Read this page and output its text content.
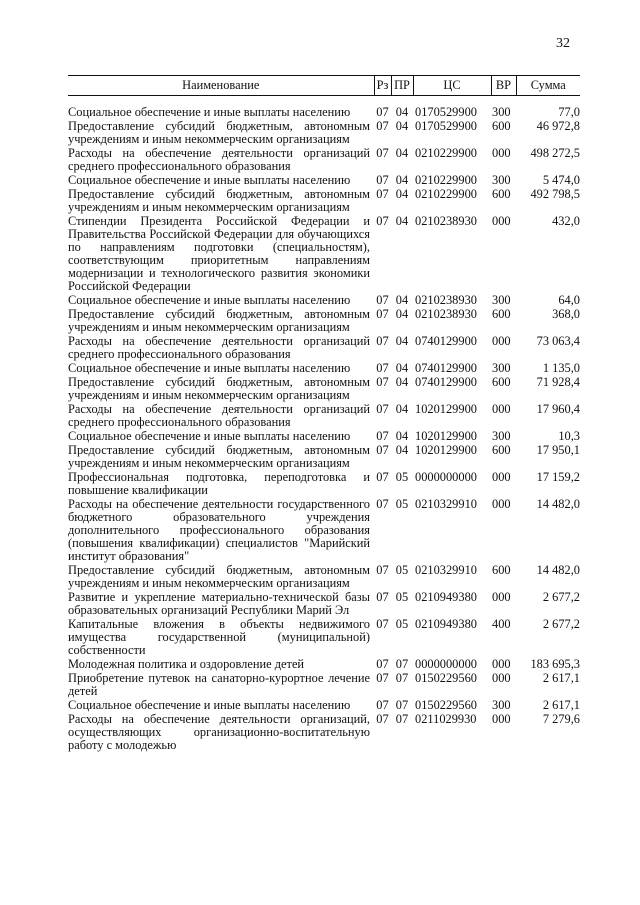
32
Наименование	Рз	ПР	ЦС	ВР	Сумма
Социальное обеспечение и иные выплаты населению	07	04	0170529900	300	77,0
Предоставление субсидий бюджетным, автономным учреждениям и иным некоммерческим организациям	07	04	0170529900	600	46 972,8
Расходы на обеспечение деятельности организаций среднего профессионального образования	07	04	0210229900	000	498 272,5
Социальное обеспечение и иные выплаты населению	07	04	0210229900	300	5 474,0
Предоставление субсидий бюджетным, автономным учреждениям и иным некоммерческим организациям	07	04	0210229900	600	492 798,5
Стипендии Президента Российской Федерации и Правительства Российской Федерации для обучающихся по направлениям подготовки (специальностям), соответствующим приоритетным направлениям модернизации и технологического развития экономики Российской Федерации	07	04	0210238930	000	432,0
Социальное обеспечение и иные выплаты населению	07	04	0210238930	300	64,0
Предоставление субсидий бюджетным, автономным учреждениям и иным некоммерческим организациям	07	04	0210238930	600	368,0
Расходы на обеспечение деятельности организаций среднего профессионального образования	07	04	0740129900	000	73 063,4
Социальное обеспечение и иные выплаты населению	07	04	0740129900	300	1 135,0
Предоставление субсидий бюджетным, автономным учреждениям и иным некоммерческим организациям	07	04	0740129900	600	71 928,4
Расходы на обеспечение деятельности организаций среднего профессионального образования	07	04	1020129900	000	17 960,4
Социальное обеспечение и иные выплаты населению	07	04	1020129900	300	10,3
Предоставление субсидий бюджетным, автономным учреждениям и иным некоммерческим организациям	07	04	1020129900	600	17 950,1
Профессиональная подготовка, переподготовка и повышение квалификации	07	05	0000000000	000	17 159,2
Расходы на обеспечение деятельности государственного бюджетного образовательного учреждения дополнительного профессионального образования (повышения квалификации) специалистов "Марийский институт образования"	07	05	0210329910	000	14 482,0
Предоставление субсидий бюджетным, автономным учреждениям и иным некоммерческим организациям	07	05	0210329910	600	14 482,0
Развитие и укрепление материально-технической базы образовательных организаций Республики Марий Эл	07	05	0210949380	000	2 677,2
Капитальные вложения в объекты недвижимого имущества государственной (муниципальной) собственности	07	05	0210949380	400	2 677,2
Молодежная политика и оздоровление детей	07	07	0000000000	000	183 695,3
Приобретение путевок на санаторно-курортное лечение детей	07	07	0150229560	000	2 617,1
Социальное обеспечение и иные выплаты населению	07	07	0150229560	300	2 617,1
Расходы на обеспечение деятельности организаций, осуществляющих организационно-воспитательную работу с молодежью	07	07	0211029930	000	7 279,6
